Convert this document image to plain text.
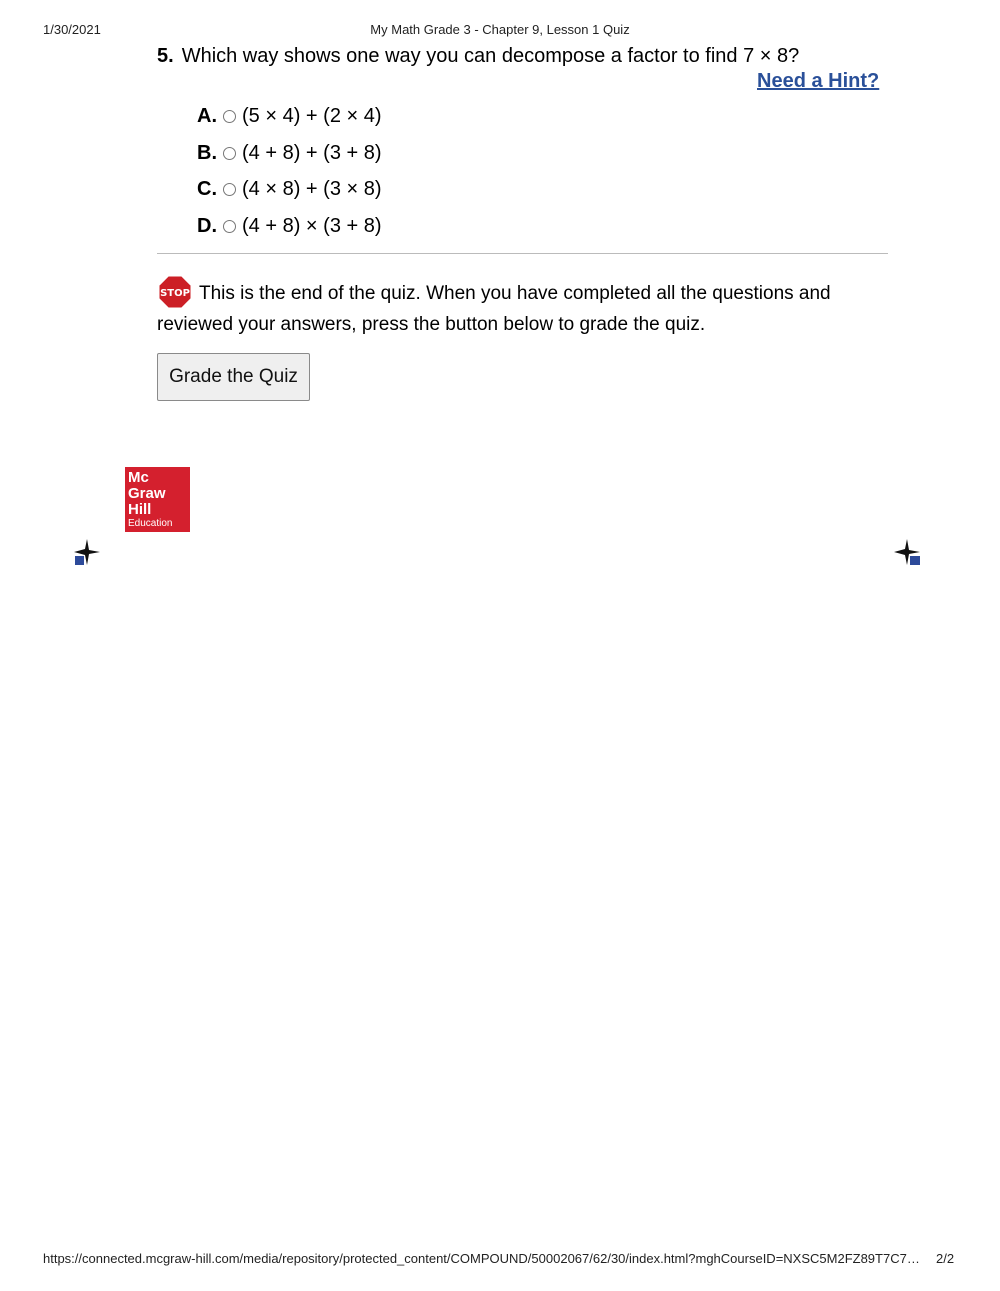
1/30/2021	My Math Grade 3 - Chapter 9, Lesson 1 Quiz
5. Which way shows one way you can decompose a factor to find 7 × 8?
Need a Hint?
A. (5 × 4) + (2 × 4)
B. (4 + 8) + (3 + 8)
C. (4 × 8) + (3 × 8)
D. (4 + 8) × (3 + 8)
STOP This is the end of the quiz. When you have completed all the questions and reviewed your answers, press the button below to grade the quiz.
Grade the Quiz
Mc
Graw
Hill
Education
https://connected.mcgraw-hill.com/media/repository/protected_content/COMPOUND/50002067/62/30/index.html?mghCourseID=NXSC5M2FZ89T7C7… 2/2
